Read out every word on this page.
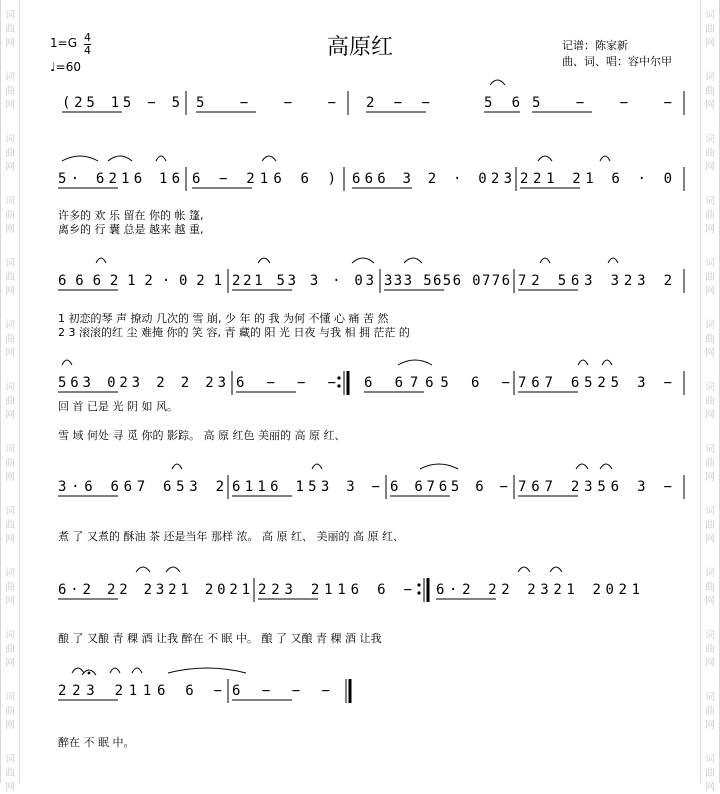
词
曲
网
词
曲
网
词
曲
网
词
曲
网
词
曲
网
词
曲
网
词
曲
网
词
曲
网
词
曲
网
词
曲
网
词
曲
网
词
曲
网
词
曲
网
词
曲
网
词
曲
网
词
曲
网
词
曲
网
词
曲
网
词
曲
网
词
曲
网
词
曲
网
词
曲
网
词
曲
网
词
曲
网
词
曲
网
词
曲
网
$1=G \frac{4}{4}$
♩=60
高原红	记谱：陈家新
曲、词、唱：容中尔甲
(25 15 − 5 5 − − − 2 − −	56 5 − − −
5· 6216 16 6 − 216 6 ) 666 3 2 · 023 221 21 6 · 0
许多的 欢 乐 留在 你的 帐 篷,
离乡的 行 囊 总是 越来 越 重,
666212·021 221 53 3 · 03 333 5656 0776 72 563 323 2
1 初恋的琴 声 撩动 几次的 雪 崩, 少 年 的 我 为何 不懂 心 痛 苦 然
2 3 滚滚的红 尘 难掩 你的 笑 容, 青 藏的 阳 光 日夜 与我 相 拥 茫茫 的
563 023 2 2 23 6 − − − 6 6765 6 − 767 6525 3 −
回 首 已是 光 阴 如 风。
雪 域 何处 寻 觅 你的 影踪。 高 原 红色 美丽的 高 原 红、
3·6 667 653 2 6116 153 3 − 6 6765 6 − 767 2356 3 −
煮 了 又煮的 酥油 茶 还是当年 那样 浓。 高 原 红、 美丽的 高 原 红、
6·2 22 2321 2021 223 2116 6 − 6·2 22 2321 2021
酿 了 又酿 青 稞 酒 让我 醉在 不 眠 中。 酿 了 又酿 青 稞 酒 让我
223 2116 6 − 6 − − −
醉在 不 眠 中。
